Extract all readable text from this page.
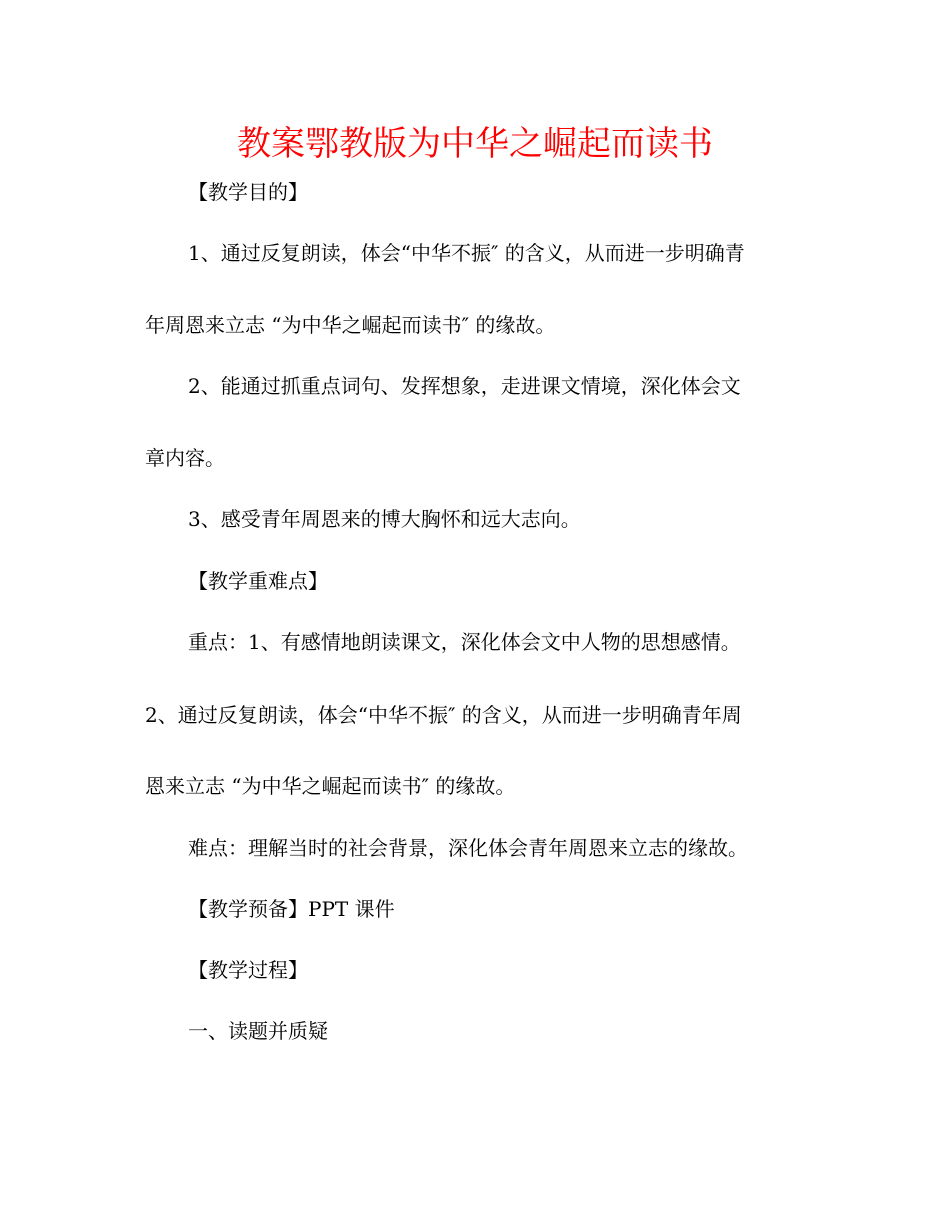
教案鄂教版为中华之崛起而读书
【教学目的】
1、通过反复朗读，体会“中华不振″ 的含义，从而进一步明确青
年周恩来立志 “为中华之崛起而读书″ 的缘故。
2、能通过抓重点词句、发挥想象，走进课文情境，深化体会文
章内容。
3、感受青年周恩来的博大胸怀和远大志向。
【教学重难点】
重点：1、有感情地朗读课文，深化体会文中人物的思想感情。
2、通过反复朗读，体会“中华不振″ 的含义，从而进一步明确青年周
恩来立志 “为中华之崛起而读书″ 的缘故。
难点：理解当时的社会背景，深化体会青年周恩来立志的缘故。
【教学预备】PPT 课件
【教学过程】
一、读题并质疑
